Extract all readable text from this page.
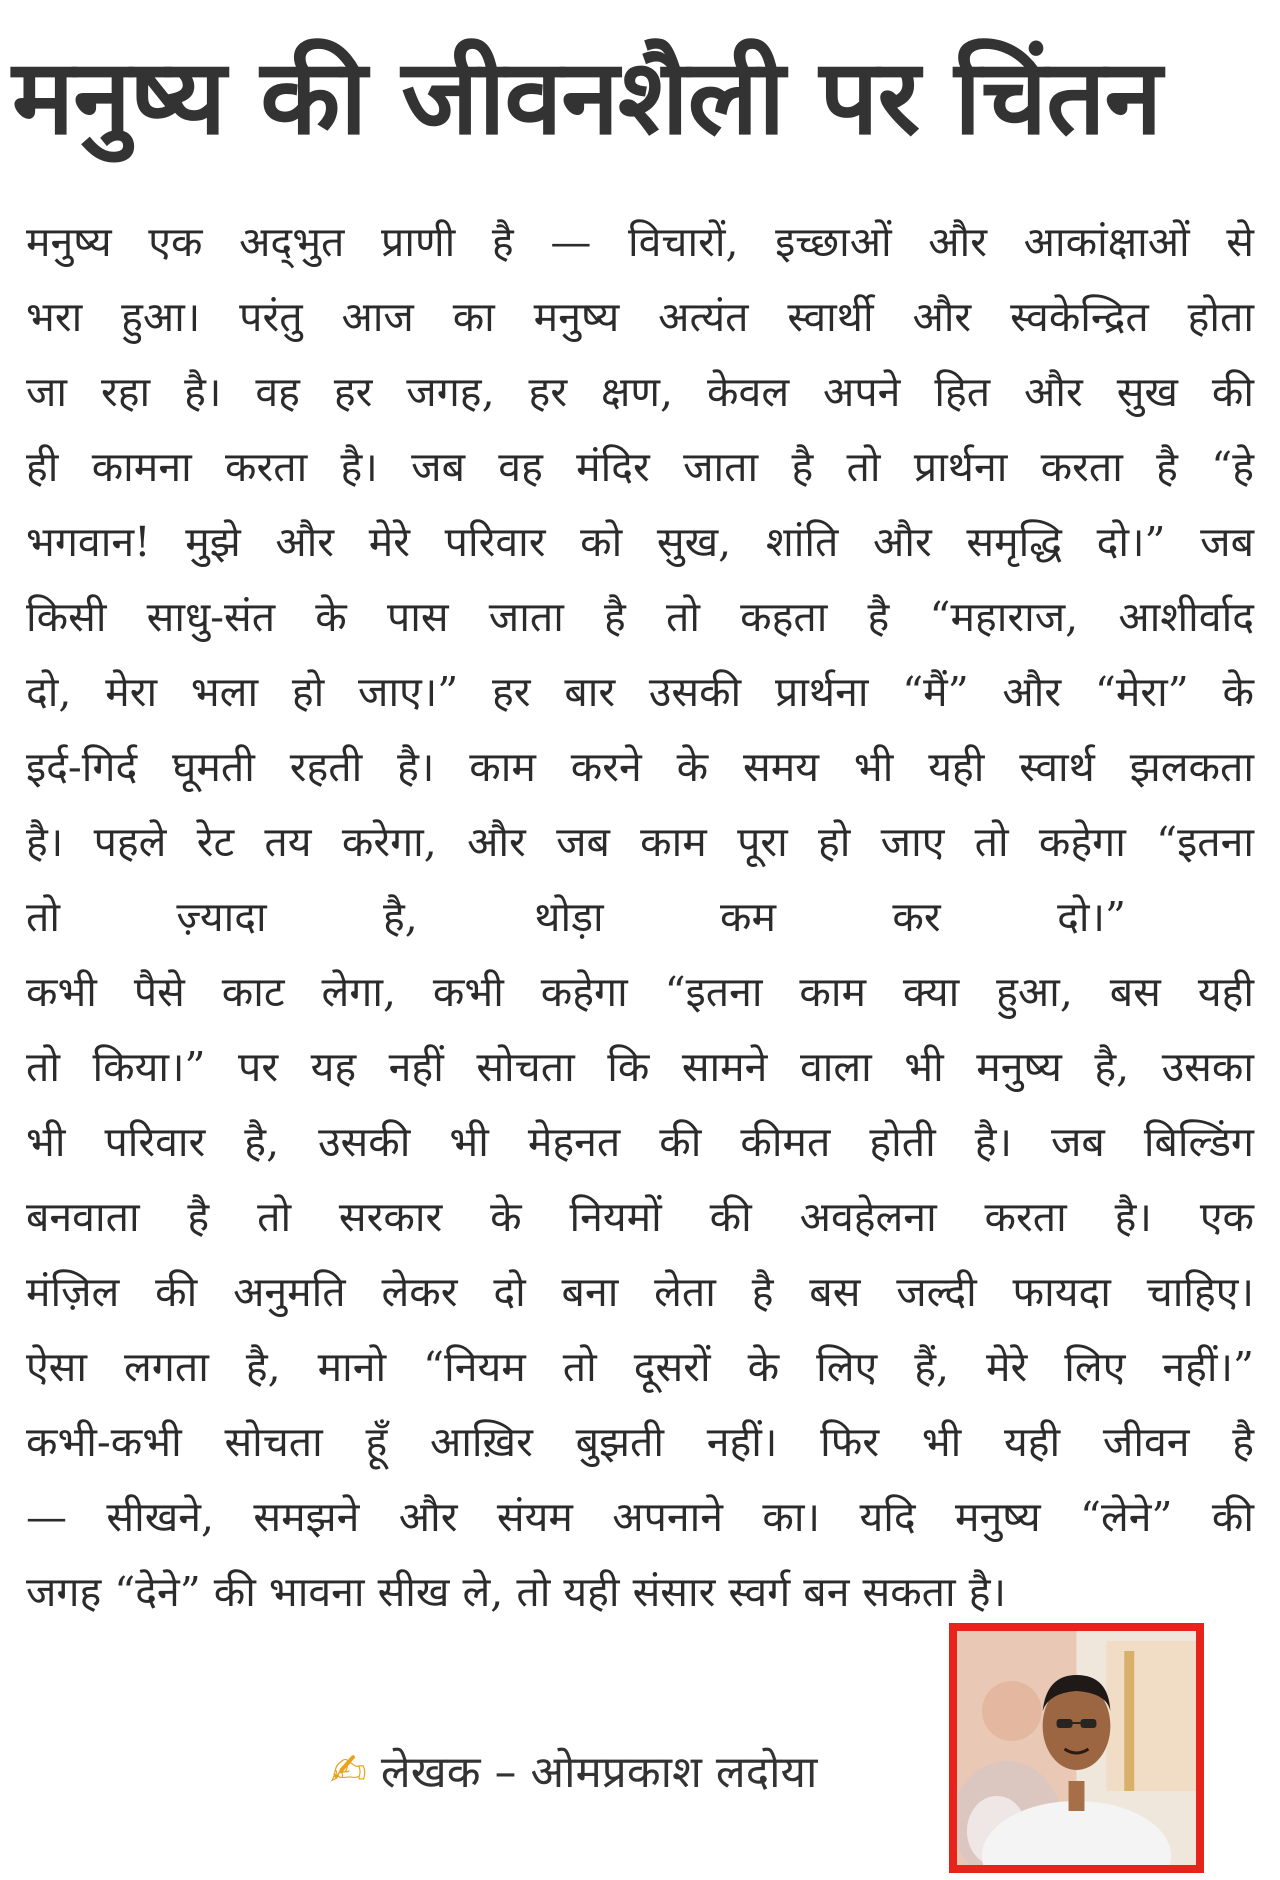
मनुष्य की जीवनशैली पर चिंतन
मनुष्य एक अद्‌भुत प्राणी है — विचारों, इच्छाओं और आकांक्षाओं से
भरा हुआ। परंतु आज का मनुष्य अत्यंत स्वार्थी और स्वकेन्द्रित होता
जा रहा है। वह हर जगह, हर क्षण, केवल अपने हित और सुख की
ही कामना करता है। जब वह मंदिर जाता है तो प्रार्थना करता है “हे
भगवान! मुझे और मेरे परिवार को सुख, शांति और समृद्धि दो।” जब
किसी साधु-संत के पास जाता है तो कहता है “महाराज, आशीर्वाद
दो, मेरा भला हो जाए।” हर बार उसकी प्रार्थना “मैं” और “मेरा” के
इर्द-गिर्द घूमती रहती है। काम करने के समय भी यही स्वार्थ झलकता
है। पहले रेट तय करेगा, और जब काम पूरा हो जाए तो कहेगा “इतना
तो ज़्यादा है, थोड़ा कम कर दो।”
कभी पैसे काट लेगा, कभी कहेगा “इतना काम क्या हुआ, बस यही
तो किया।” पर यह नहीं सोचता कि सामने वाला भी मनुष्य है, उसका
भी परिवार है, उसकी भी मेहनत की कीमत होती है। जब बिल्डिंग
बनवाता है तो सरकार के नियमों की अवहेलना करता है। एक
मंज़िल की अनुमति लेकर दो बना लेता है बस जल्दी फायदा चाहिए।
ऐसा लगता है, मानो “नियम तो दूसरों के लिए हैं, मेरे लिए नहीं।”
कभी-कभी सोचता हूँ आख़िर बुझती नहीं। फिर भी यही जीवन है
— सीखने, समझने और संयम अपनाने का। यदि मनुष्य “लेने” की
जगह “देने” की भावना सीख ले, तो यही संसार स्वर्ग बन सकता है।
✍ लेखक – ओमप्रकाश लदोया
